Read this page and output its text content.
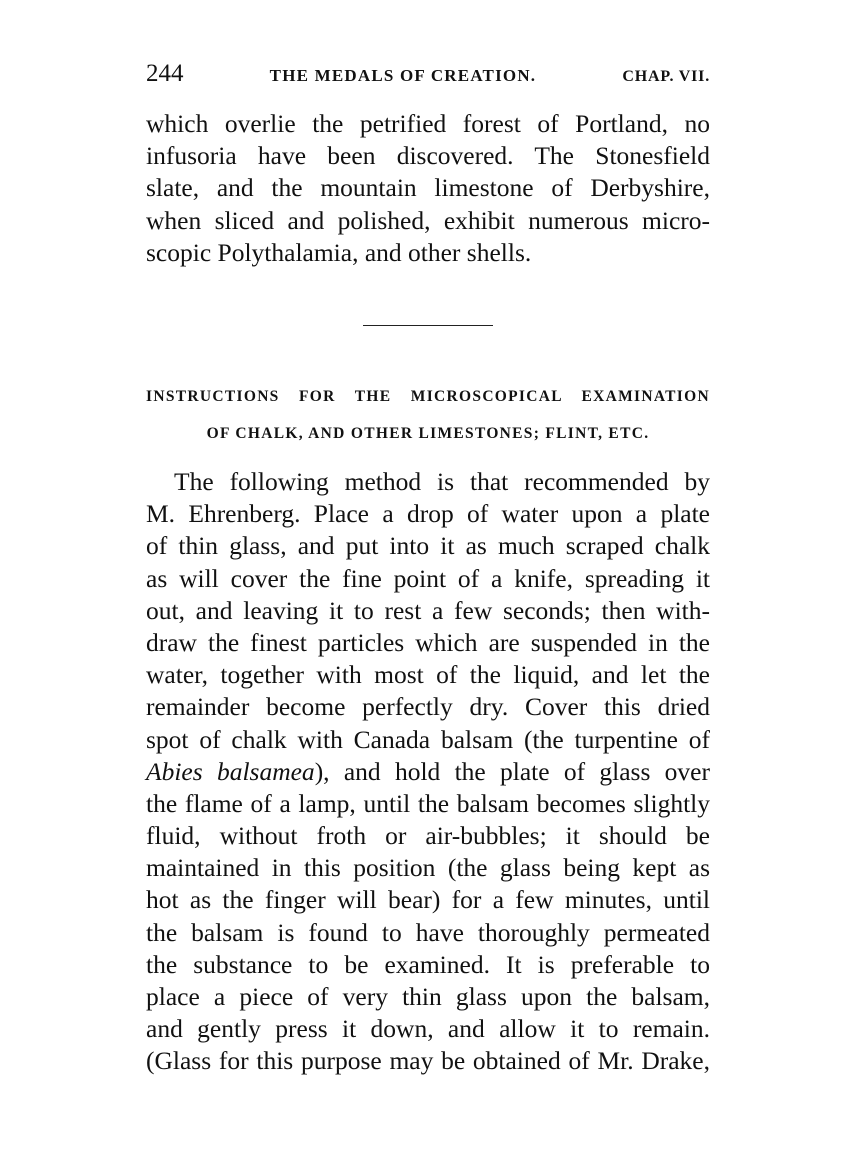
244	THE MEDALS OF CREATION.	CHAP. VII.
which overlie the petrified forest of Portland, no
infusoria have been discovered. The Stonesfield
slate, and the mountain limestone of Derbyshire,
when sliced and polished, exhibit numerous micro-
scopic Polythalamia, and other shells.
INSTRUCTIONS FOR THE MICROSCOPICAL EXAMINATION
OF CHALK, AND OTHER LIMESTONES; FLINT, ETC.
The following method is that recommended by
M. Ehrenberg. Place a drop of water upon a plate
of thin glass, and put into it as much scraped chalk
as will cover the fine point of a knife, spreading it
out, and leaving it to rest a few seconds; then with-
draw the finest particles which are suspended in the
water, together with most of the liquid, and let the
remainder become perfectly dry. Cover this dried
spot of chalk with Canada balsam (the turpentine of
Abies balsamea), and hold the plate of glass over
the flame of a lamp, until the balsam becomes slightly
fluid, without froth or air-bubbles; it should be
maintained in this position (the glass being kept as
hot as the finger will bear) for a few minutes, until
the balsam is found to have thoroughly permeated
the substance to be examined. It is preferable to
place a piece of very thin glass upon the balsam,
and gently press it down, and allow it to remain.
(Glass for this purpose may be obtained of Mr. Drake,
